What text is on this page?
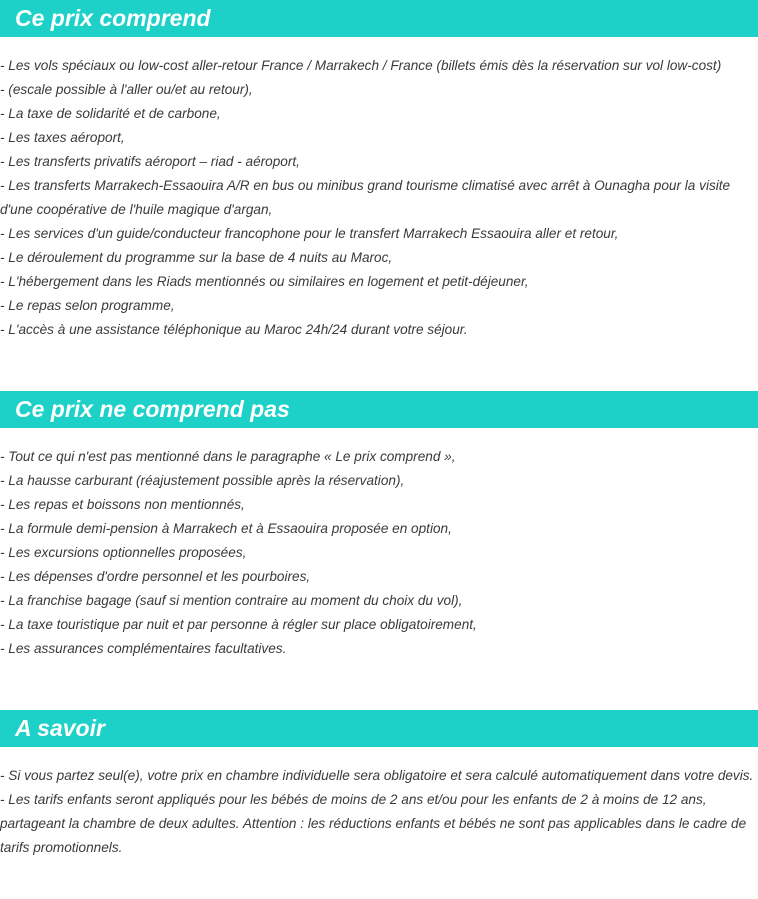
Ce prix comprend
- Les vols spéciaux ou low-cost aller-retour France / Marrakech / France (billets émis dès la réservation sur vol low-cost)
- (escale possible à l'aller ou/et au retour),
- La taxe de solidarité et de carbone,
- Les taxes aéroport,
- Les transferts privatifs aéroport – riad - aéroport,
- Les transferts Marrakech-Essaouira A/R en bus ou minibus grand tourisme climatisé avec arrêt à Ounagha pour la visite d'une coopérative de l'huile magique d'argan,
- Les services d'un guide/conducteur francophone pour le transfert Marrakech Essaouira aller et retour,
- Le déroulement du programme sur la base de 4 nuits au Maroc,
- L'hébergement dans les Riads mentionnés ou similaires en logement et petit-déjeuner,
- Le repas selon programme,
- L'accès à une assistance téléphonique au Maroc 24h/24 durant votre séjour.
Ce prix ne comprend pas
- Tout ce qui n'est pas mentionné dans le paragraphe « Le prix comprend »,
- La hausse carburant (réajustement possible après la réservation),
- Les repas et boissons non mentionnés,
- La formule demi-pension à Marrakech et à Essaouira proposée en option,
- Les excursions optionnelles proposées,
- Les dépenses d'ordre personnel et les pourboires,
- La franchise bagage (sauf si mention contraire au moment du choix du vol),
- La taxe touristique par nuit et par personne à régler sur place obligatoirement,
- Les assurances complémentaires facultatives.
A savoir
- Si vous partez seul(e), votre prix en chambre individuelle sera obligatoire et sera calculé automatiquement dans votre devis.
- Les tarifs enfants seront appliqués pour les bébés de moins de 2 ans et/ou pour les enfants de 2 à moins de 12 ans, partageant la chambre de deux adultes. Attention : les réductions enfants et bébés ne sont pas applicables dans le cadre de tarifs promotionnels.
